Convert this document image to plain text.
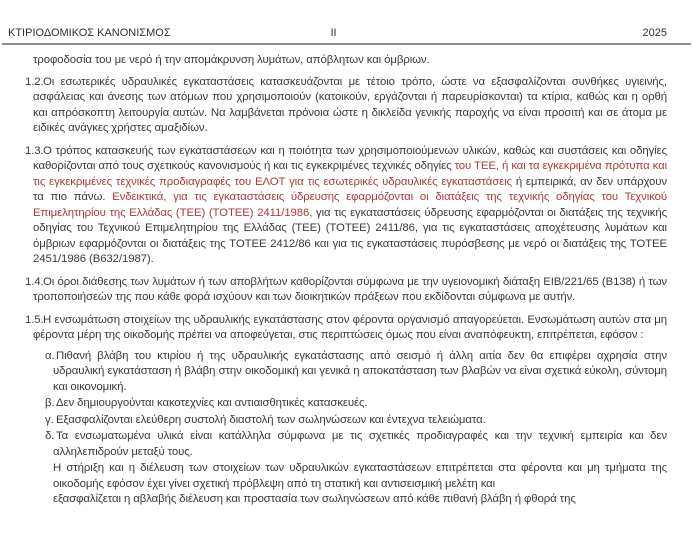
ΚΤΙΡΙΟΔΟΜΙΚΟΣ ΚΑΝΟΝΙΣΜΟΣ	II	2025
τροφοδοσία του με νερό ή την απομάκρυνση λυμάτων, απόβλητων και όμβριων.
1.2. Οι εσωτερικές υδραυλικές εγκαταστάσεις κατασκευάζονται με τέτοιο τρόπο, ώστε να εξασφαλίζονται συνθήκες υγιεινής, ασφάλειας και άνεσης των ατόμων που χρησιμοποιούν (κατοικούν, εργάζονται ή παρευρίσκονται) τα κτίρια, καθώς και η ορθή και απρόσκοπτη λειτουργία αυτών. Να λαμβάνεται πρόνοια ώστε η δικλείδα γενικής παροχής να είναι προσιτή και σε άτομα με ειδικές ανάγκες χρήστες αμαξιδίων.
1.3. Ο τρόπος κατασκευής των εγκαταστάσεων και η ποιότητα των χρησιμοποιούμενων υλικών, καθώς και συστάσεις και οδηγίες καθορίζονται από τους σχετικούς κανονισμούς ή και τις εγκεκριμένες τεχνικές οδηγίες του ΤΕΕ, ή και τα εγκεκριμένα πρότυπα και τις εγκεκριμένες τεχνικές προδιαγραφές του ΕΛΟΤ για τις εσωτερικές υδραυλικές εγκαταστάσεις ή εμπειρικά, αν δεν υπάρχουν τα πιο πάνω. Ενδεικτικά, για τις εγκαταστάσεις ύδρευσης εφαρμόζονται οι διατάξεις της τεχνικής οδηγίας του Τεχνικού Επιμελητηρίου της Ελλάδας (ΤΕΕ) (ΤΟΤΕΕ) 2411/1986, για τις εγκαταστάσεις ύδρευσης εφαρμόζονται οι διατάξεις της τεχνικής οδηγίας του Τεχνικού Επιμελητηρίου της Ελλάδας (ΤΕΕ) (ΤΟΤΕΕ) 2411/86, για τις εγκαταστάσεις αποχέτευσης λυμάτων και όμβριων εφαρμόζονται οι διατάξεις της ΤΟΤΕΕ 2412/86 και για τις εγκαταστάσεις πυρόσβεσης με νερό οι διατάξεις της ΤΟΤΕΕ 2451/1986 (Β632/1987).
1.4. Οι όροι διάθεσης των λυμάτων ή των αποβλήτων καθορίζονται σύμφωνα με την υγειονομική διάταξη ΕΙΒ/221/65 (Β138) ή των τροποποιήσεών της που κάθε φορά ισχύουν και των διοικητικών πράξεων που εκδίδονται σύμφωνα με αυτήν.
1.5. Η ενσωμάτωση στοιχείων της υδραυλικής εγκατάστασης στον φέροντα οργανισμό απαγορεύεται. Ενσωμάτωση αυτών στα μη φέροντα μέρη της οικοδομής πρέπει να αποφεύγεται, στις περιπτώσεις όμως που είναι αναπόφευκτη, επιτρέπεται, εφόσον :
α. Πιθανή βλάβη του κτιρίου ή της υδραυλικής εγκατάστασης από σεισμό ή άλλη αιτία δεν θα επιφέρει αχρησία στην υδραυλική εγκατάσταση ή βλάβη στην οικοδομική και γενικά η αποκατάσταση των βλαβών να είναι σχετικά εύκολη, σύντομη και οικονομική.
β. Δεν δημιουργούνται κακοτεχνίες και αντιαισθητικές κατασκευές.
γ. Εξασφαλίζονται ελεύθερη συστολή διαστολή των σωληνώσεων και έντεχνα τελειώματα.
δ. Τα ενσωματωμένα υλικά είναι κατάλληλα σύμφωνα με τις σχετικές προδιαγραφές και την τεχνική εμπειρία και δεν αλληλεπιδρούν μεταξύ τους.
Η στήριξη και η διέλευση των στοιχείων των υδραυλικών εγκαταστάσεων επιτρέπεται στα φέροντα και μη τμήματα της οικοδομής εφόσον έχει γίνει σχετική πρόβλεψη από τη στατική και αντισεισμική μελέτη και
εξασφαλίζεται η αβλαβής διέλευση και προστασία των σωληνώσεων από κάθε πιθανή βλάβη ή φθορά της
